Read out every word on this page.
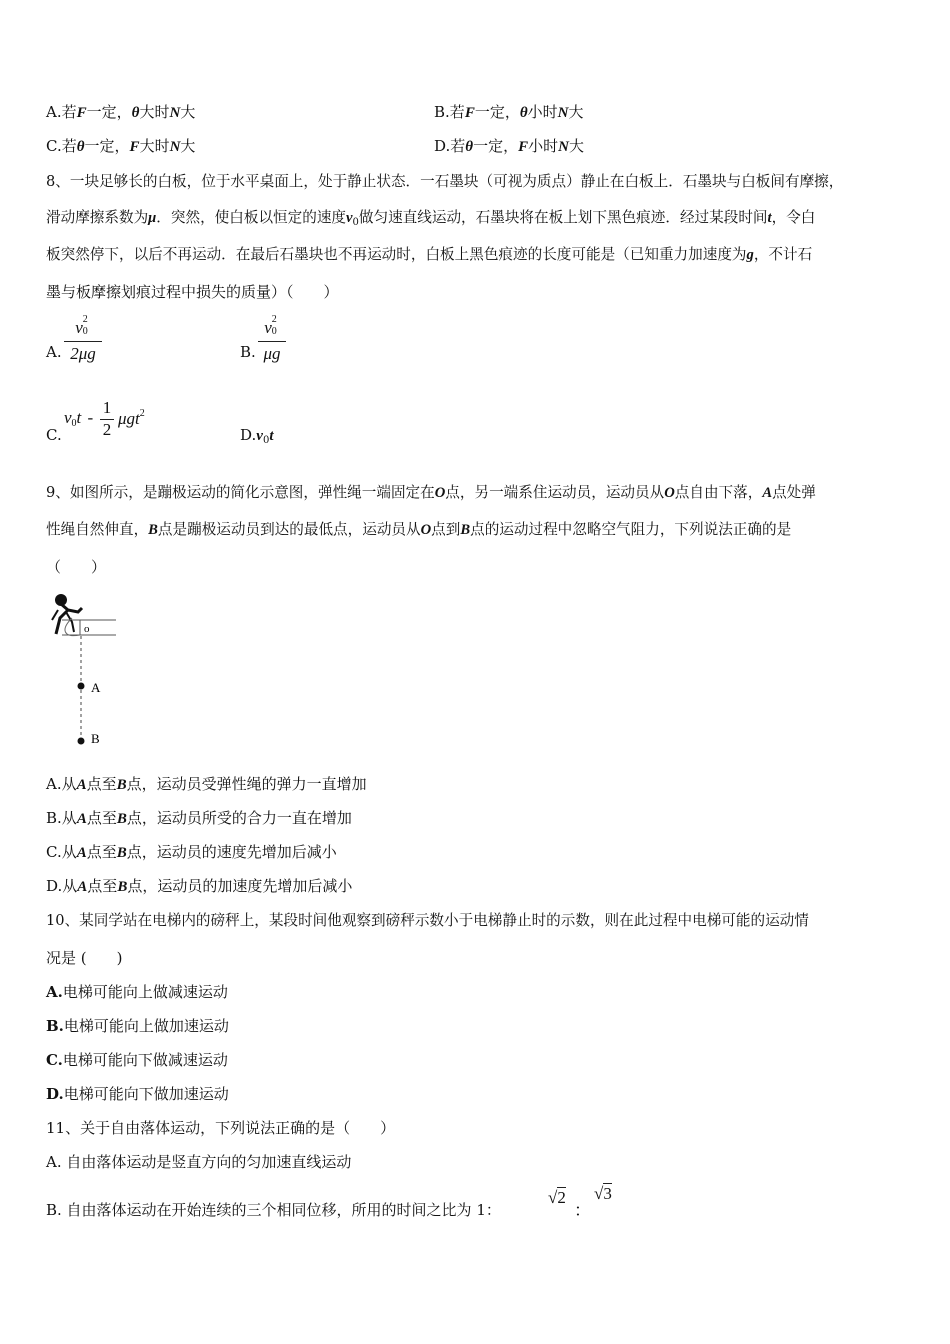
A.若F一定，θ大时N大	B.若F一定，θ小时N大
C.若θ一定，F大时N大	D.若θ一定，F小时N大
8、一块足够长的白板，位于水平桌面上，处于静止状态．一石墨块（可视为质点）静止在白板上．石墨块与白板间有摩擦，
滑动摩擦系数为μ．突然，使白板以恒定的速度$v_0$做匀速直线运动，石墨块将在板上划下黑色痕迹．经过某段时间t，令白
板突然停下，以后不再运动．在最后石墨块也不再运动时，白板上黑色痕迹的长度可能是（已知重力加速度为g，不计石
墨与板摩擦划痕过程中损失的质量）（　　）
A.
v 2
0
2μg	B.
v 2
0
μg
C.
$v_0t$ -
1
2
μgt$^2$
$D.v_0t$
9、如图所示，是蹦极运动的简化示意图，弹性绳一端固定在O点，另一端系住运动员，运动员从O点自由下落，A点处弹
性绳自然伸直，B点是蹦极运动员到达的最低点，运动员从O点到B点的运动过程中忽略空气阻力，下列说法正确的是
（　　）
o
A
B
A.从A点至B点，运动员受弹性绳的弹力一直增加
B.从A点至B点，运动员所受的合力一直在增加
C.从A点至B点，运动员的速度先增加后减小
D.从A点至B点，运动员的加速度先增加后减小
10、某同学站在电梯内的磅秤上，某段时间他观察到磅秤示数小于电梯静止时的示数，则在此过程中电梯可能的运动情
况是 (　　)
A.电梯可能向上做减速运动
B.电梯可能向上做加速运动
C.电梯可能向下做减速运动
D.电梯可能向下做加速运动
11、关于自由落体运动，下列说法正确的是（　　）
A. 自由落体运动是竖直方向的匀加速直线运动
B. 自由落体运动在开始连续的三个相同位移，所用的时间之比为 1：
√2
：
√3
